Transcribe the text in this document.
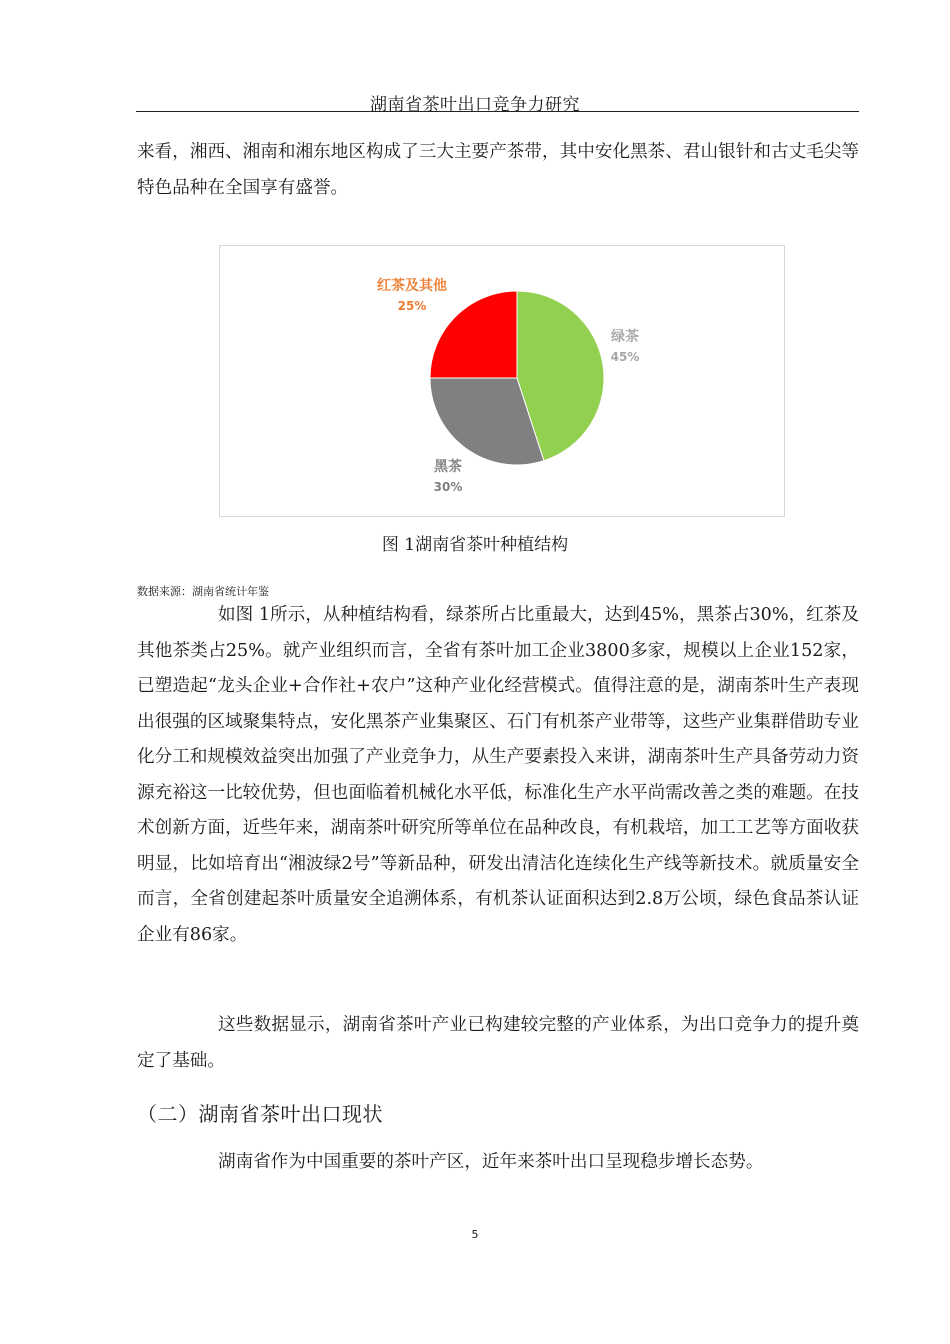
湖南省茶叶出口竞争力研究
来看，湘西、湘南和湘东地区构成了三大主要产茶带，其中安化黑茶、君山银针和古丈毛尖等特色品种在全国享有盛誉。
绿茶
45%
黑茶
30%
红茶及其他
25%
图 1湖南省茶叶种植结构
数据来源：湖南省统计年鉴
如图 1所示，从种植结构看，绿茶所占比重最大，达到45%，黑茶占30%，红茶及其他茶类占25%。就产业组织而言，全省有茶叶加工企业3800多家，规模以上企业152家，已塑造起“龙头企业+合作社+农户”这种产业化经营模式。值得注意的是，湖南茶叶生产表现出很强的区域聚集特点，安化黑茶产业集聚区、石门有机茶产业带等，这些产业集群借助专业化分工和规模效益突出加强了产业竞争力，从生产要素投入来讲，湖南茶叶生产具备劳动力资源充裕这一比较优势，但也面临着机械化水平低，标准化生产水平尚需改善之类的难题。在技术创新方面，近些年来，湖南茶叶研究所等单位在品种改良，有机栽培，加工工艺等方面收获明显，比如培育出“湘波绿2号”等新品种，研发出清洁化连续化生产线等新技术。就质量安全而言，全省创建起茶叶质量安全追溯体系，有机茶认证面积达到2.8万公顷，绿色食品茶认证企业有86家。
这些数据显示，湖南省茶叶产业已构建较完整的产业体系，为出口竞争力的提升奠定了基础。
（二）湖南省茶叶出口现状
湖南省作为中国重要的茶叶产区，近年来茶叶出口呈现稳步增长态势。
5
